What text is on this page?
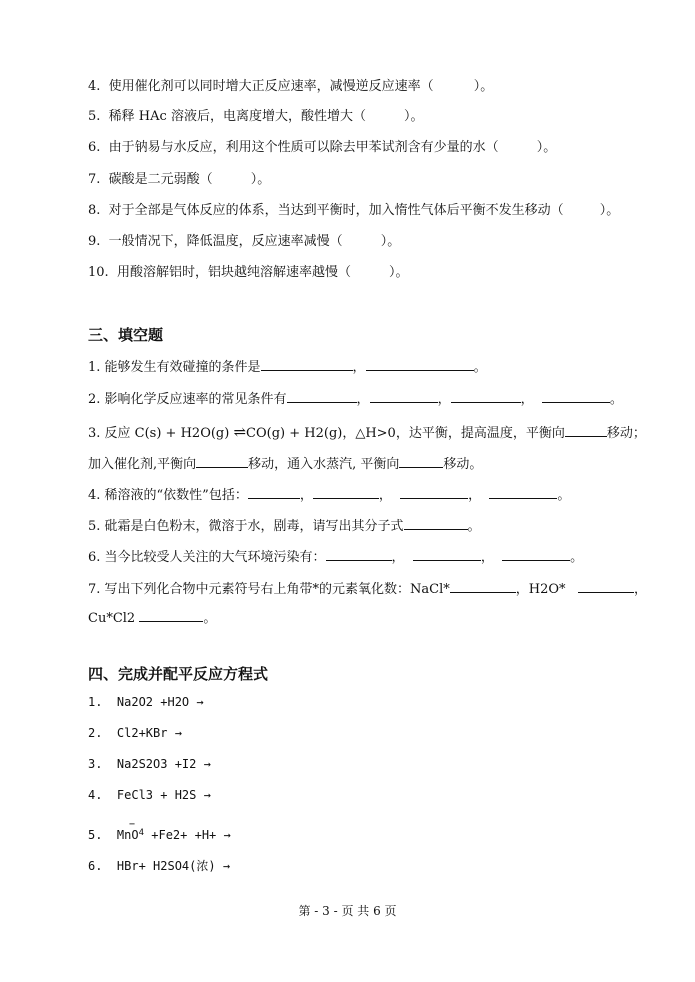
4. 使用催化剂可以同时增大正反应速率，减慢逆反应速率（	）。
5. 稀释 HAc 溶液后，电离度增大，酸性增大（	）。
6. 由于钠易与水反应，利用这个性质可以除去甲苯试剂含有少量的水（	）。
7. 碳酸是二元弱酸（	）。
8. 对于全部是气体反应的体系，当达到平衡时，加入惰性气体后平衡不发生移动（	）。
9. 一般情况下，降低温度，反应速率减慢（	）。
10. 用酸溶解铝时，铝块越纯溶解速率越慢（	）。
三、填空题
1. 能够发生有效碰撞的条件是	，	。
2. 影响化学反应速率的常见条件有	，	，	，	。
3. 反应 C(s) + H2O(g) ⇌CO(g) + H2(g)，△H>0，达平衡，提高温度，平衡向	移动；
加入催化剂,平衡向	移动，通入水蒸汽, 平衡向	移动。
4. 稀溶液的“依数性”包括：	，	，	，	。
5. 砒霜是白色粉末，微溶于水，剧毒，请写出其分子式	。
6. 当今比较受人关注的大气环境污染有：	，	，	。
7. 写出下列化合物中元素符号右上角带*的元素氧化数：NaCl*	，H2O*	，
Cu*Cl2	。
四、完成并配平反应方程式
1. Na2O2 +H2O →
2. Cl2+KBr →
3. Na2S2O3 +I2 →
4. FeCl3 + H2S →
−
5. MnO$^4$ +Fe2+ +H+ →
6. HBr+ H2SO4(浓) →
第 - 3 - 页 共 6 页
